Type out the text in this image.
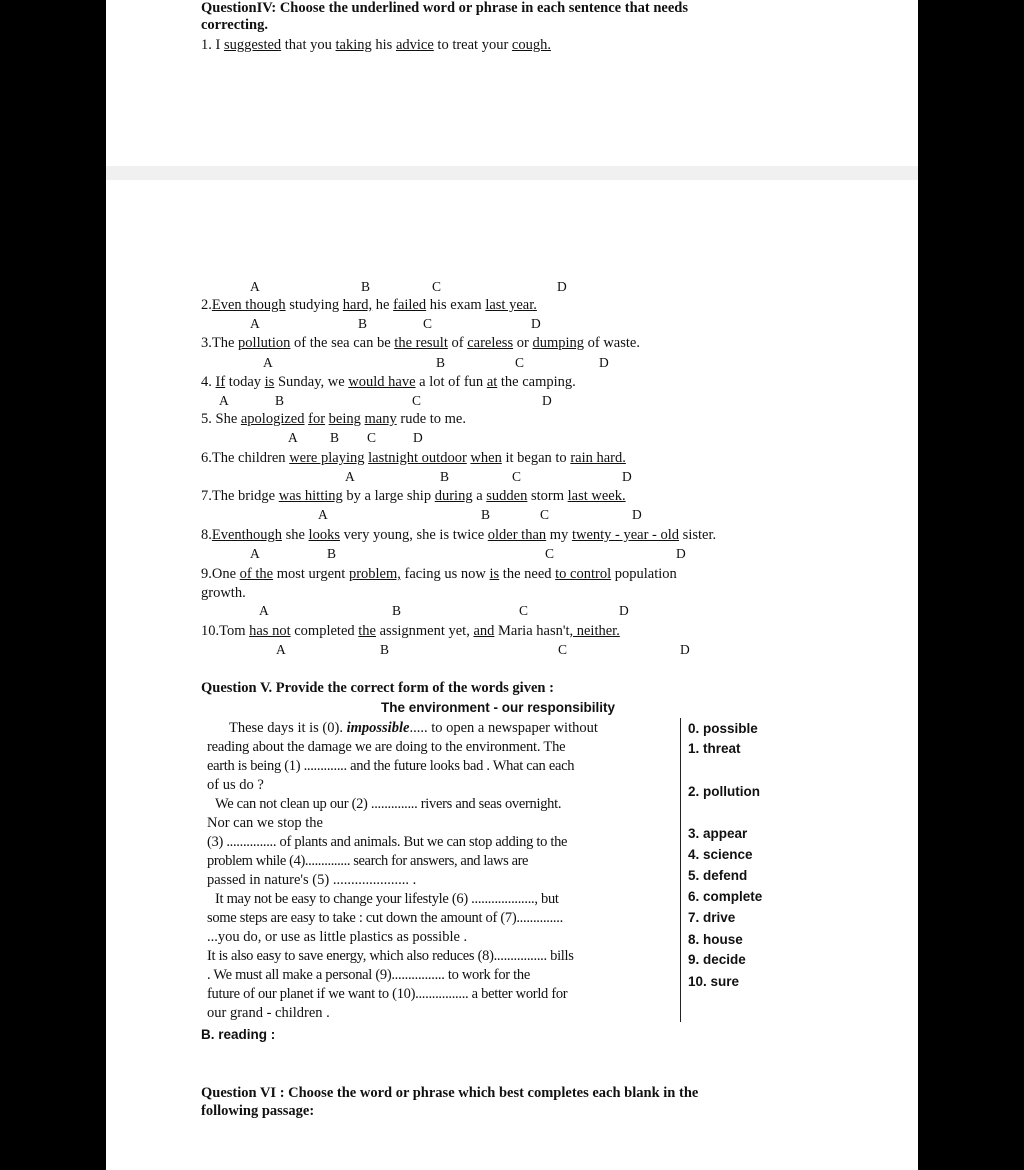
QuestionIV: Choose the underlined word or phrase in each sentence that needs
correcting.
1. I suggested that you taking his advice to treat your cough.
A	B	C	D
2.Even though studying hard, he failed his exam last year.
A	B	C	D
3.The pollution of the sea can be the result of careless or dumping of waste.
A	B	C	D
4. If today is Sunday, we would have a lot of fun at the camping.
A	B	C	D
5. She apologized for being many rude to me.
A B C	D
6.The children were playing lastnight outdoor when it began to rain hard.
A	B	C	D
7.The bridge was hitting by a large ship during a sudden storm last week.
A	B	C	D
8.Eventhough she looks very young, she is twice older than my twenty - year - old sister.
A	B	C	D
9.One of the most urgent problem, facing us now is the need to control population
growth.
A	B	C	D
10.Tom has not completed the assignment yet, and Maria hasn't, neither.
A	B	C	D
Question V. Provide the correct form of the words given :
The environment - our responsibility
These days it is (0). impossible..... to open a newspaper without
reading about the damage we are doing to the environment. The
earth is being (1) ............. and the future looks bad . What can each
of us do ?
We can not clean up our (2) .............. rivers and seas overnight.
Nor can we stop the
(3) ............... of plants and animals. But we can stop adding to the
problem while (4).............. search for answers, and laws are
passed in nature's (5) ..................... .
It may not be easy to change your lifestyle (6) ..................., but
some steps are easy to take : cut down the amount of (7)..............
...you do, or use as little plastics as possible .
It is also easy to save energy, which also reduces (8)................ bills
. We must all make a personal (9)................ to work for the
future of our planet if we want to (10)................ a better world for
our grand - children .
0. possible
1. threat
2. pollution
3. appear
4. science
5. defend
6. complete
7. drive
8. house
9. decide
10. sure
B. reading :
Question VI : Choose the word or phrase which best completes each blank in the
following passage:
